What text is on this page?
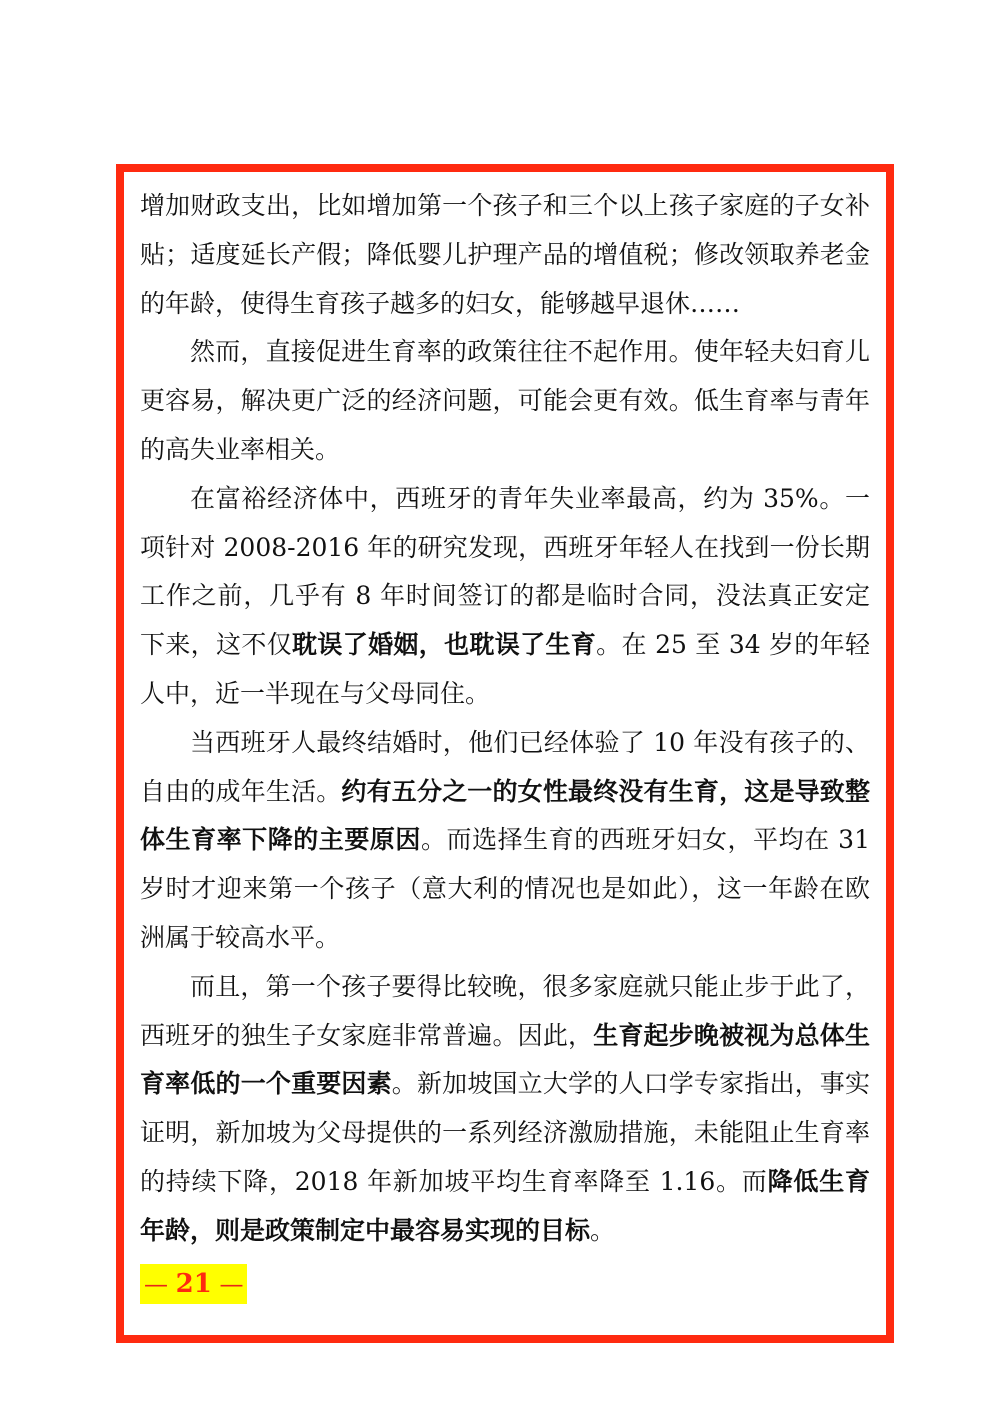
增加财政支出，比如增加第一个孩子和三个以上孩子家庭的子女补贴；适度延长产假；降低婴儿护理产品的增值税；修改领取养老金的年龄，使得生育孩子越多的妇女，能够越早退休……

然而，直接促进生育率的政策往往不起作用。使年轻夫妇育儿更容易，解决更广泛的经济问题，可能会更有效。低生育率与青年的高失业率相关。

在富裕经济体中，西班牙的青年失业率最高，约为 35%。一项针对 2008-2016 年的研究发现，西班牙年轻人在找到一份长期工作之前，几乎有 8 年时间签订的都是临时合同，没法真正安定下来，这不仅耽误了婚姻，也耽误了生育。在 25 至 34 岁的年轻人中，近一半现在与父母同住。

当西班牙人最终结婚时，他们已经体验了 10 年没有孩子的、自由的成年生活。约有五分之一的女性最终没有生育，这是导致整体生育率下降的主要原因。而选择生育的西班牙妇女，平均在 31 岁时才迎来第一个孩子（意大利的情况也是如此），这一年龄在欧洲属于较高水平。

而且，第一个孩子要得比较晚，很多家庭就只能止步于此了，西班牙的独生子女家庭非常普遍。因此，生育起步晚被视为总体生育率低的一个重要因素。新加坡国立大学的人口学专家指出，事实证明，新加坡为父母提供的一系列经济激励措施，未能阻止生育率的持续下降，2018 年新加坡平均生育率降至 1.16。而降低生育年龄，则是政策制定中最容易实现的目标。

— 21 —
